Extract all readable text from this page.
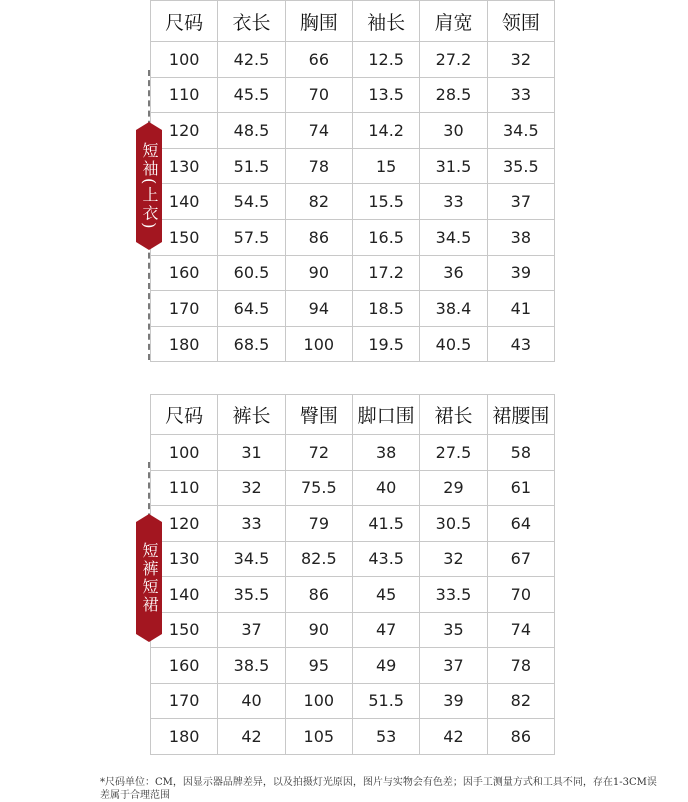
尺码	衣长	胸围	袖长	肩宽	领围
100	42.5	66	12.5	27.2	32
110	45.5	70	13.5	28.5	33
120	48.5	74	14.2	30	34.5
130	51.5	78	15	31.5	35.5
140	54.5	82	15.5	33	37
150	57.5	86	16.5	34.5	38
160	60.5	90	17.2	36	39
170	64.5	94	18.5	38.4	41
180	68.5	100	19.5	40.5	43
短袖(上衣)
尺码	裤长	臀围	脚口围	裙长	裙腰围
100	31	72	38	27.5	58
110	32	75.5	40	29	61
120	33	79	41.5	30.5	64
130	34.5	82.5	43.5	32	67
140	35.5	86	45	33.5	70
150	37	90	47	35	74
160	38.5	95	49	37	78
170	40	100	51.5	39	82
180	42	105	53	42	86
短裤短裙
*尺码单位：CM，因显示器品牌差异，以及拍摄灯光原因，图片与实物会有色差；因手工测量方式和工具不同，存在1-3CM误差属于合理范围
